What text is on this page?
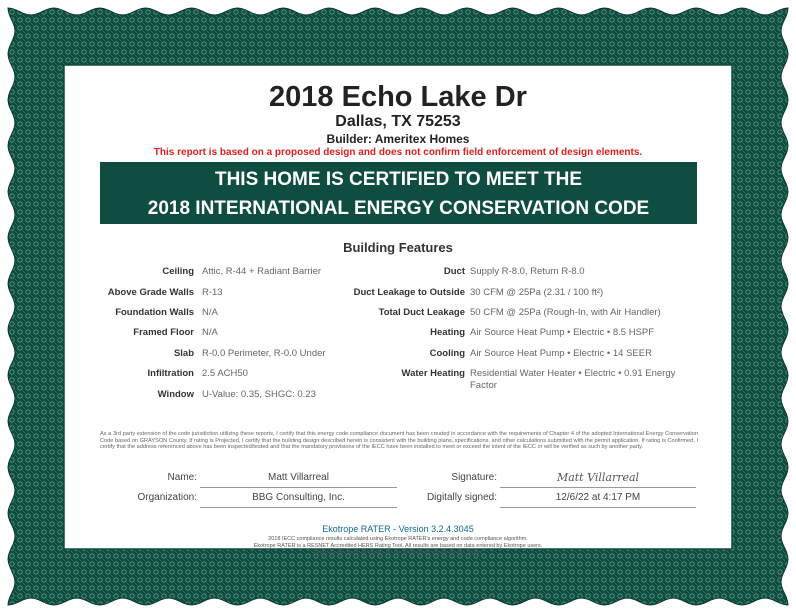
2018 Echo Lake Dr
Dallas, TX 75253
Builder: Ameritex Homes
This report is based on a proposed design and does not confirm field enforcement of design elements.
THIS HOME IS CERTIFIED TO MEET THE
2018 INTERNATIONAL ENERGY CONSERVATION CODE
Building Features
Ceiling Attic, R-44 + Radiant Barrier
Above Grade Walls R-13
Foundation Walls N/A
Framed Floor N/A
Slab R-0.0 Perimeter, R-0.0 Under
Infiltration 2.5 ACH50
Window U-Value: 0.35, SHGC: 0.23
Duct Supply R-8.0, Return R-8.0
Duct Leakage to Outside 30 CFM @ 25Pa (2.31 / 100 ft²)
Total Duct Leakage 50 CFM @ 25Pa (Rough-In, with Air Handler)
Heating Air Source Heat Pump • Electric • 8.5 HSPF
Cooling Air Source Heat Pump • Electric • 14 SEER
Water Heating Residential Water Heater • Electric • 0.91 Energy Factor
As a 3rd party extension of the code jurisdiction utilizing these reports, I certify that this energy code compliance document has been created in accordance with the requirements of Chapter 4 of the adopted International Energy Conservation Code based on GRAYSON County. If rating is Projected, I certify that the building design described herein is consistent with the building plans, specifications, and other calculations submitted with the permit application. If rating is Confirmed, I certify that the address referenced above has been inspected/tested and that the mandatory provisions of the IECC have been installed to meet or exceed the intent of the IECC or will be verified as such by another party.
Name:	Matt Villarreal
Organization:	BBG Consulting, Inc.
Signature:	Matt Villarreal
Digitally signed:	12/6/22 at 4:17 PM
Ekotrope RATER - Version 3.2.4.3045
2018 IECC compliance results calculated using Ekotrope RATER's energy and code compliance algorithm.
Ekotrope RATER is a RESNET Accredited HERS Rating Tool. All results are based on data entered by Ekotrope users.
Ekotrope disclaims all liability for the information shown on this report.
